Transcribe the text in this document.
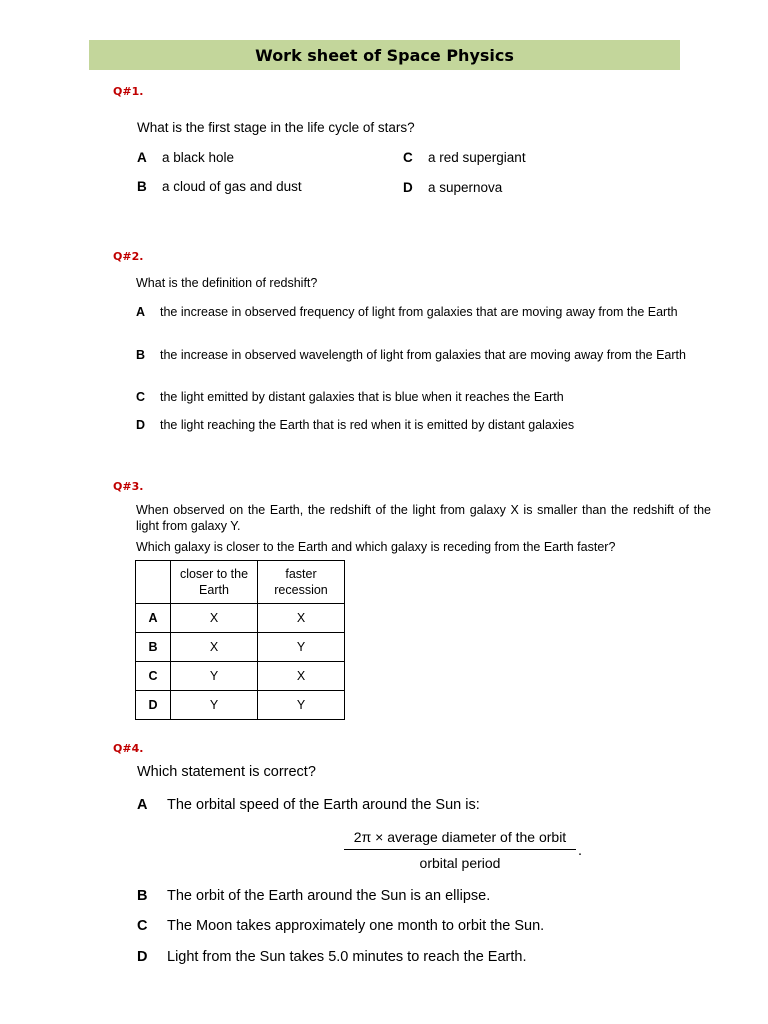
Work sheet of Space Physics
Q#1.
What is the first stage in the life cycle of stars?
A a black hole
B a cloud of gas and dust
C a red supergiant
D a supernova
Q#2.
What is the definition of redshift?
A the increase in observed frequency of light from galaxies that are moving away from the Earth
B the increase in observed wavelength of light from galaxies that are moving away from the Earth
C the light emitted by distant galaxies that is blue when it reaches the Earth
D the light reaching the Earth that is red when it is emitted by distant galaxies
Q#3.
When observed on the Earth, the redshift of the light from galaxy X is smaller than the redshift of the light from galaxy Y.
Which galaxy is closer to the Earth and which galaxy is receding from the Earth faster?
	closer to the Earth	faster recession
A	X	X
B	X	Y
C	Y	X
D	Y	Y
Q#4.
Which statement is correct?
A The orbital speed of the Earth around the Sun is:
2π × average diameter of the orbit
orbital period
.
B The orbit of the Earth around the Sun is an ellipse.
C The Moon takes approximately one month to orbit the Sun.
D Light from the Sun takes 5.0 minutes to reach the Earth.
